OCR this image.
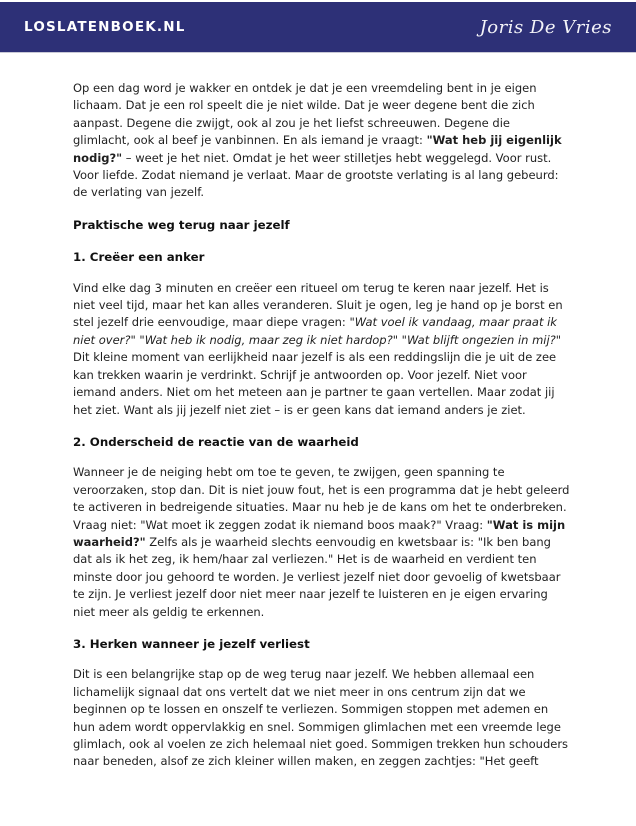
LOSLATENBOEK.NL	Joris De Vries

Op een dag word je wakker en ontdek je dat je een vreemdeling bent in je eigen lichaam. Dat je een rol speelt die je niet wilde. Dat je weer degene bent die zich aanpast. Degene die zwijgt, ook al zou je het liefst schreeuwen. Degene die glimlacht, ook al beef je vanbinnen. En als iemand je vraagt: "Wat heb jij eigenlijk nodig?" – weet je het niet. Omdat je het weer stilletjes hebt weggelegd. Voor rust. Voor liefde. Zodat niemand je verlaat. Maar de grootste verlating is al lang gebeurd: de verlating van jezelf.

Praktische weg terug naar jezelf
1. Creëer een anker

Vind elke dag 3 minuten en creëer een ritueel om terug te keren naar jezelf. Het is niet veel tijd, maar het kan alles veranderen. Sluit je ogen, leg je hand op je borst en stel jezelf drie eenvoudige, maar diepe vragen: "Wat voel ik vandaag, maar praat ik niet over?" "Wat heb ik nodig, maar zeg ik niet hardop?" "Wat blijft ongezien in mij?" Dit kleine moment van eerlijkheid naar jezelf is als een reddingslijn die je uit de zee kan trekken waarin je verdrinkt. Schrijf je antwoorden op. Voor jezelf. Niet voor iemand anders. Niet om het meteen aan je partner te gaan vertellen. Maar zodat jij het ziet. Want als jij jezelf niet ziet – is er geen kans dat iemand anders je ziet.

2. Onderscheid de reactie van de waarheid

Wanneer je de neiging hebt om toe te geven, te zwijgen, geen spanning te veroorzaken, stop dan. Dit is niet jouw fout, het is een programma dat je hebt geleerd te activeren in bedreigende situaties. Maar nu heb je de kans om het te onderbreken. Vraag niet: "Wat moet ik zeggen zodat ik niemand boos maak?" Vraag: "Wat is mijn waarheid?" Zelfs als je waarheid slechts eenvoudig en kwetsbaar is: "Ik ben bang dat als ik het zeg, ik hem/haar zal verliezen." Het is de waarheid en verdient ten minste door jou gehoord te worden. Je verliest jezelf niet door gevoelig of kwetsbaar te zijn. Je verliest jezelf door niet meer naar jezelf te luisteren en je eigen ervaring niet meer als geldig te erkennen.

3. Herken wanneer je jezelf verliest

Dit is een belangrijke stap op de weg terug naar jezelf. We hebben allemaal een lichamelijk signaal dat ons vertelt dat we niet meer in ons centrum zijn dat we beginnen op te lossen en onszelf te verliezen. Sommigen stoppen met ademen en hun adem wordt oppervlakkig en snel. Sommigen glimlachen met een vreemde lege glimlach, ook al voelen ze zich helemaal niet goed. Sommigen trekken hun schouders naar beneden, alsof ze zich kleiner willen maken, en zeggen zachtjes: "Het geeft
